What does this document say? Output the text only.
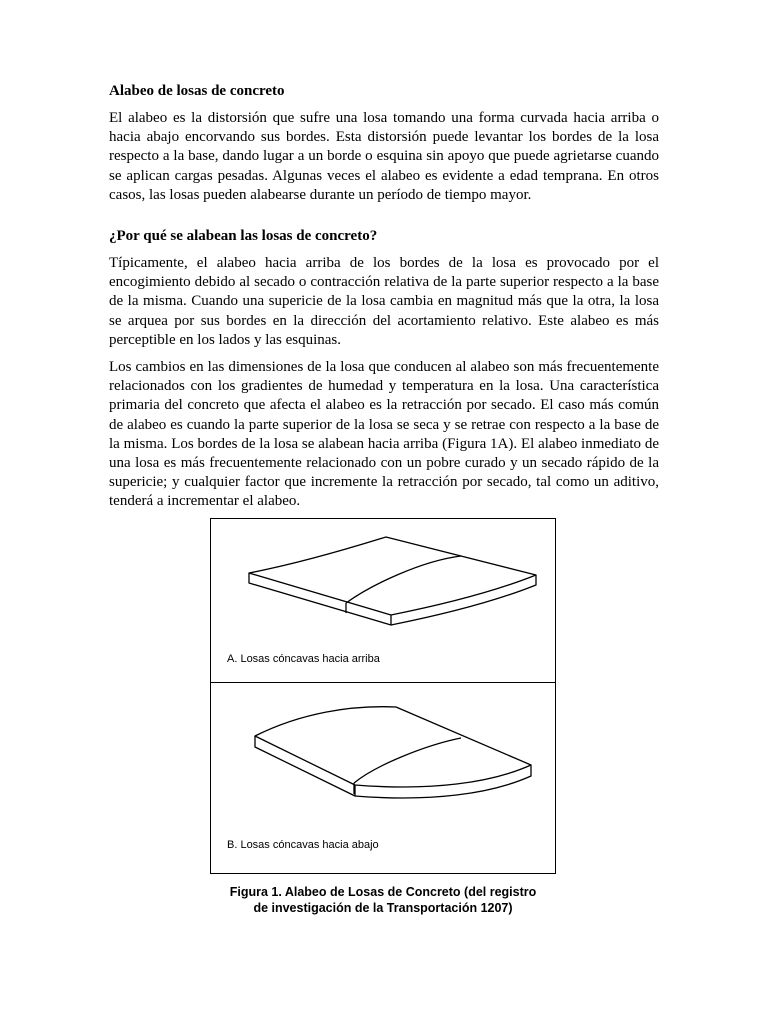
Alabeo de losas de concreto

El alabeo es la distorsión que sufre una losa tomando una forma curvada hacia arriba o hacia abajo encorvando sus bordes. Esta distorsión puede levantar los bordes de la losa respecto a la base, dando lugar a un borde o esquina sin apoyo que puede agrietarse cuando se aplican cargas pesadas. Algunas veces el alabeo es evidente a edad temprana. En otros casos, las losas pueden alabearse durante un período de tiempo mayor.

¿Por qué se alabean las losas de concreto?

Típicamente, el alabeo hacia arriba de los bordes de la losa es provocado por el encogimiento debido al secado o contracción relativa de la parte superior respecto a la base de la misma. Cuando una supericie de la losa cambia en magnitud más que la otra, la losa se arquea por sus bordes en la dirección del acortamiento relativo. Este alabeo es más perceptible en los lados y las esquinas.

Los cambios en las dimensiones de la losa que conducen al alabeo son más frecuentemente relacionados con los gradientes de humedad y temperatura en la losa. Una característica primaria del concreto que afecta el alabeo es la retracción por secado. El caso más común de alabeo es cuando la parte superior de la losa se seca y se retrae con respecto a la base de la misma. Los bordes de la losa se alabean hacia arriba (Figura 1A). El alabeo inmediato de una losa es más frecuentemente relacionado con un pobre curado y un secado rápido de la supericie; y cualquier factor que incremente la retracción por secado, tal como un aditivo, tenderá a incrementar el alabeo.

A. Losas cóncavas hacia arriba
B. Losas cóncavas hacia abajo
Figura 1. Alabeo de Losas de Concreto (del registro
de investigación de la Transportación 1207)
